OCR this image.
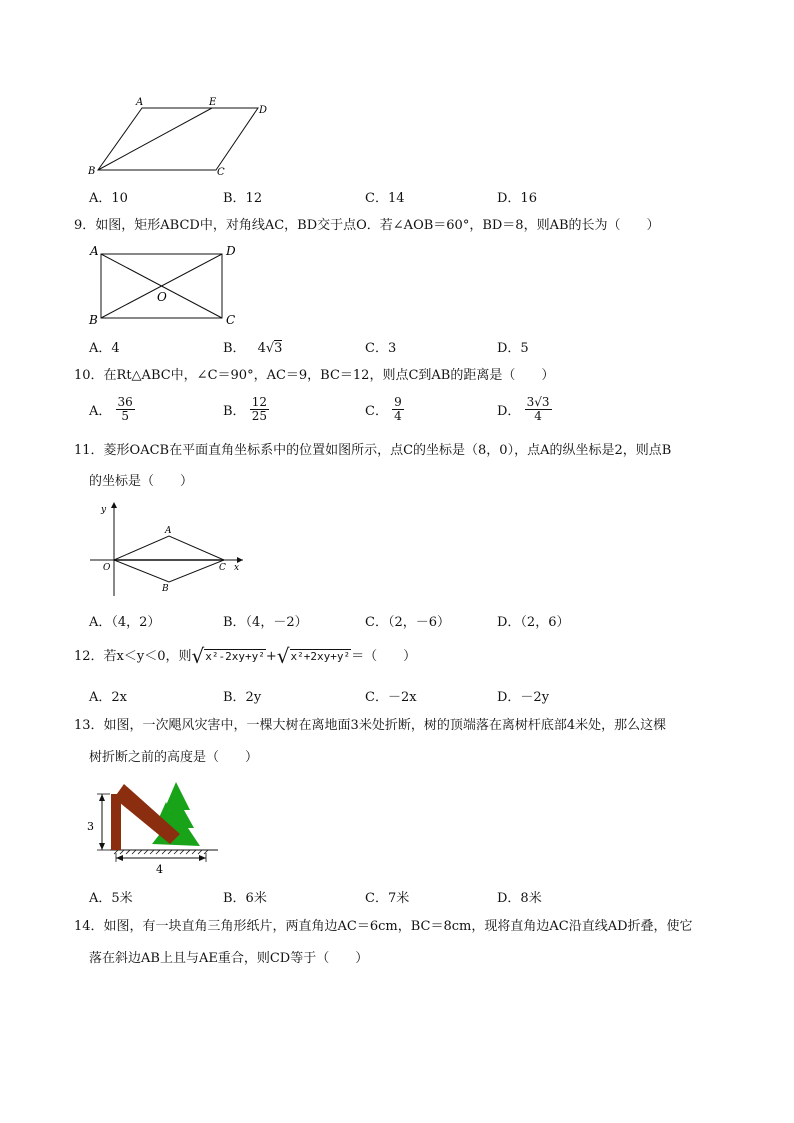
A	E
D
B	C
A．10	B．12	C．14	D．16
9．如图，矩形ABCD中，对角线AC，BD交于点O．若∠AOB＝60°，BD＝8，则AB的长为（　　）
A	D
O
B	C
A．4	B． 4√3	C．3	D．5
10．在Rt△ABC中，∠C＝90°，AC＝9，BC＝12，则点C到AB的距离是（　　）
A． $\frac{36}{5}$	B． $\frac{12}{25}$	C． $\frac{9}{4}$	D． $\frac{3√3}{4}$
11．菱形OACB在平面直角坐标系中的位置如图所示，点C的坐标是（8，0），点A的纵坐标是2，则点B
的坐标是（　　）
y
A
O	C x
B
A．（4，2）	B．（4，－2）	C．（2，－6）	D．（2，6）
12．若x＜y＜0，则√x²-2xy+y²+√x²+2xy+y²＝（　　）
A．2x	B．2y	C．－2x	D．－2y
13．如图，一次飓风灾害中，一棵大树在离地面3米处折断，树的顶端落在离树杆底部4米处，那么这棵
树折断之前的高度是（　　）
3
4
A．5米	B．6米	C．7米	D．8米
14．如图，有一块直角三角形纸片，两直角边AC＝6cm，BC＝8cm，现将直角边AC沿直线AD折叠，使它
落在斜边AB上且与AE重合，则CD等于（　　）
